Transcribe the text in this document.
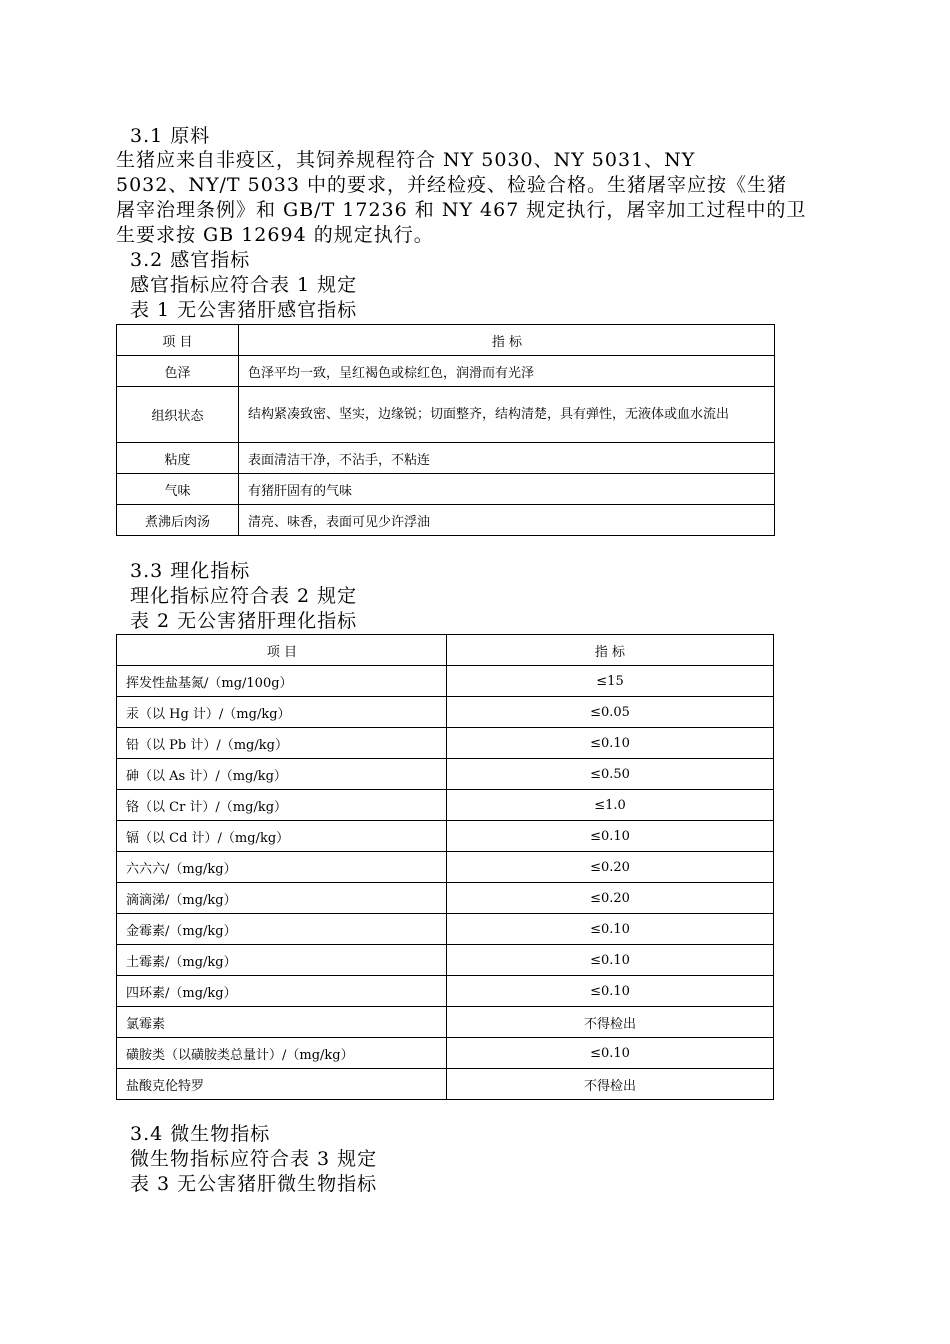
3.1 原料
生猪应来自非疫区，其饲养规程符合 NY 5030、NY 5031、NY
5032、NY/T 5033 中的要求，并经检疫、检验合格。生猪屠宰应按《生猪
屠宰治理条例》和 GB/T 17236 和 NY 467 规定执行，屠宰加工过程中的卫
生要求按 GB 12694 的规定执行。
3.2 感官指标
感官指标应符合表 1 规定
表 1 无公害猪肝感官指标
项 目	指 标
色泽	色泽平均一致，呈红褐色或棕红色，润滑而有光泽
组织状态	结构紧凑致密、坚实，边缘锐；切面整齐，结构清楚，具有弹性，无液体或血水流出
粘度	表面清洁干净，不沾手，不粘连
气味	有猪肝固有的气味
煮沸后肉汤	清亮、味香，表面可见少许浮油
3.3 理化指标
理化指标应符合表 2 规定
表 2 无公害猪肝理化指标
项 目	指 标
挥发性盐基氮/（mg/100g）	≤15
汞（以 Hg 计）/（mg/kg）	≤0.05
铅（以 Pb 计）/（mg/kg）	≤0.10
砷（以 As 计）/（mg/kg）	≤0.50
铬（以 Cr 计）/（mg/kg）	≤1.0
镉（以 Cd 计）/（mg/kg）	≤0.10
六六六/（mg/kg）	≤0.20
滴滴涕/（mg/kg）	≤0.20
金霉素/（mg/kg）	≤0.10
土霉素/（mg/kg）	≤0.10
四环素/（mg/kg）	≤0.10
氯霉素	不得检出
磺胺类（以磺胺类总量计）/（mg/kg）	≤0.10
盐酸克伦特罗	不得检出
3.4 微生物指标
微生物指标应符合表 3 规定
表 3 无公害猪肝微生物指标
